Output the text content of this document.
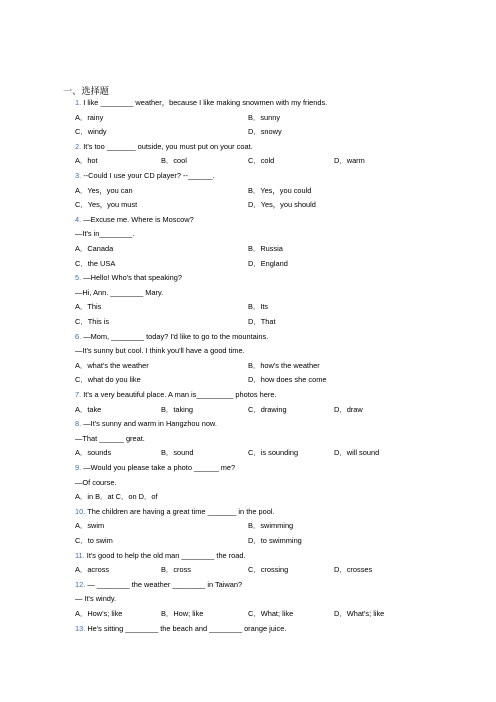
一、选择题
1. I like ________ weather，because I like making snowmen with my friends.
A．rainy	B．sunny
C．windy	D．snowy
2. It's too _______ outside, you must put on your coat.
A．hot	B．cool	C．cold	D．warm
3. --Could I use your CD player? --______.
A．Yes，you can	B．Yes，you could
C．Yes，you must	D．Yes，you should
4. —Excuse me. Where is Moscow?
—It's in________.
A．Canada	B．Russia
C．the USA	D．England
5. —Hello! Who's that speaking?
—Hi, Ann. ________ Mary.
A．This	B．Its
C．This is	D．That
6. —Mom, ________ today? I'd like to go to the mountains.
—It's sunny but cool. I think you'll have a good time.
A．what's the weather	B．how's the weather
C．what do you like	D．how does she come
7. It's a very beautiful place. A man is_________ photos here.
A．take	B．taking	C．drawing	D．draw
8. —It's sunny and warm in Hangzhou now.
—That ______ great.
A．sounds	B．sound	C．is sounding	D．will sound
9. —Would you please take a photo ______ me?
—Of course.
A．in B．at C．on D．of
10. The children are having a great time _______ in the pool.
A．swim	B．swimming
C．to swim	D．to swimming
11. It's good to help the old man ________ the road.
A．across	B．cross	C．crossing	D．crosses
12. — ________ the weather ________ in Taiwan?
— It's windy.
A．How's; like	B．How; like	C．What; like	D．What's; like
13. He's sitting ________ the beach and ________ orange juice.
